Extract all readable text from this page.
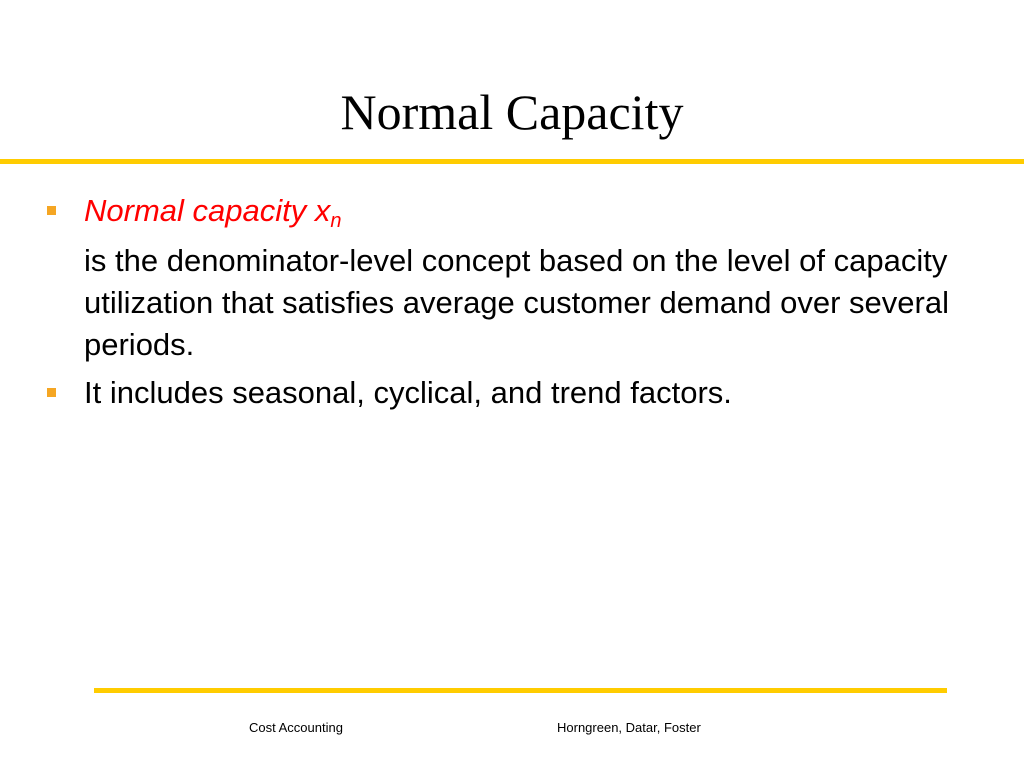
Normal Capacity
Normal capacity $x_n$
is the denominator-level concept based on the level of capacity utilization that satisfies average customer demand over several periods.
It includes seasonal, cyclical, and trend factors.
Cost Accounting	Horngreen, Datar, Foster
